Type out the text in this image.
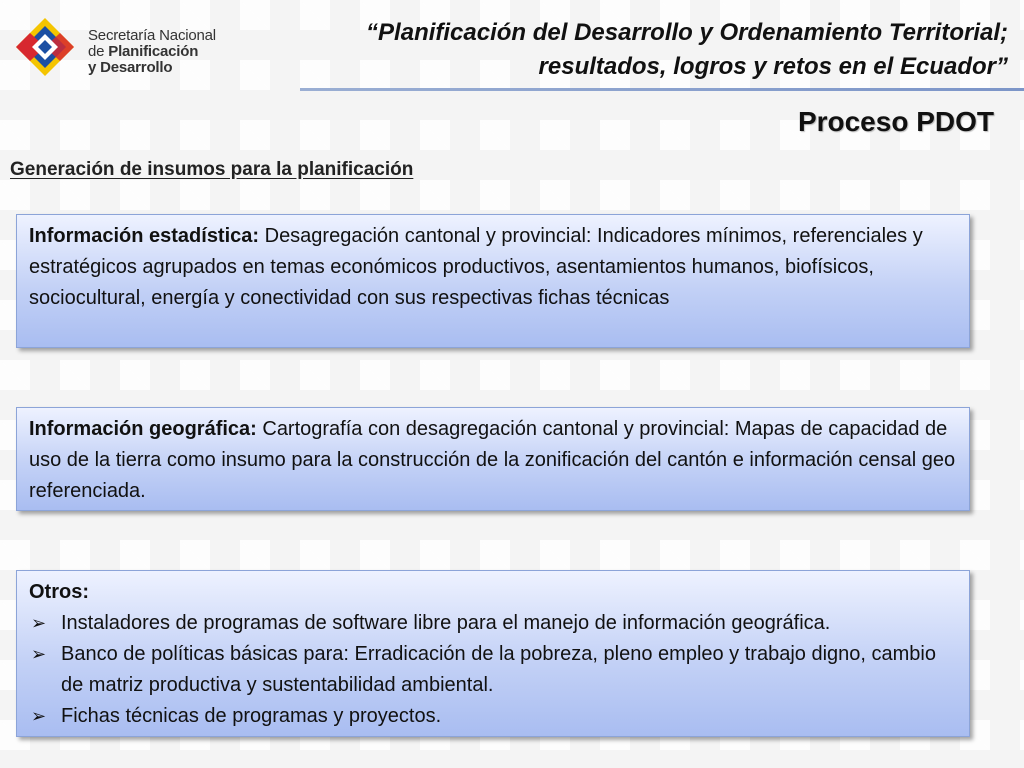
Secretaría Nacional
de Planificación
y Desarrollo
“Planificación del Desarrollo y Ordenamiento Territorial;
resultados, logros y retos en el Ecuador”
Proceso PDOT
Generación de insumos para la planificación
Información estadística: Desagregación cantonal y provincial: Indicadores mínimos, referenciales y estratégicos agrupados en temas económicos productivos, asentamientos humanos, biofísicos, sociocultural, energía y conectividad con sus respectivas fichas técnicas
Información geográfica: Cartografía con desagregación cantonal y provincial: Mapas de capacidad de uso de la tierra como insumo para la construcción de la zonificación del cantón e información censal geo referenciada.
Otros:
➢ Instaladores de programas de software libre para el manejo de información geográfica.
➢ Banco de políticas básicas para: Erradicación de la pobreza, pleno empleo y trabajo digno, cambio de matriz productiva y sustentabilidad ambiental.
➢ Fichas técnicas de programas y proyectos.
